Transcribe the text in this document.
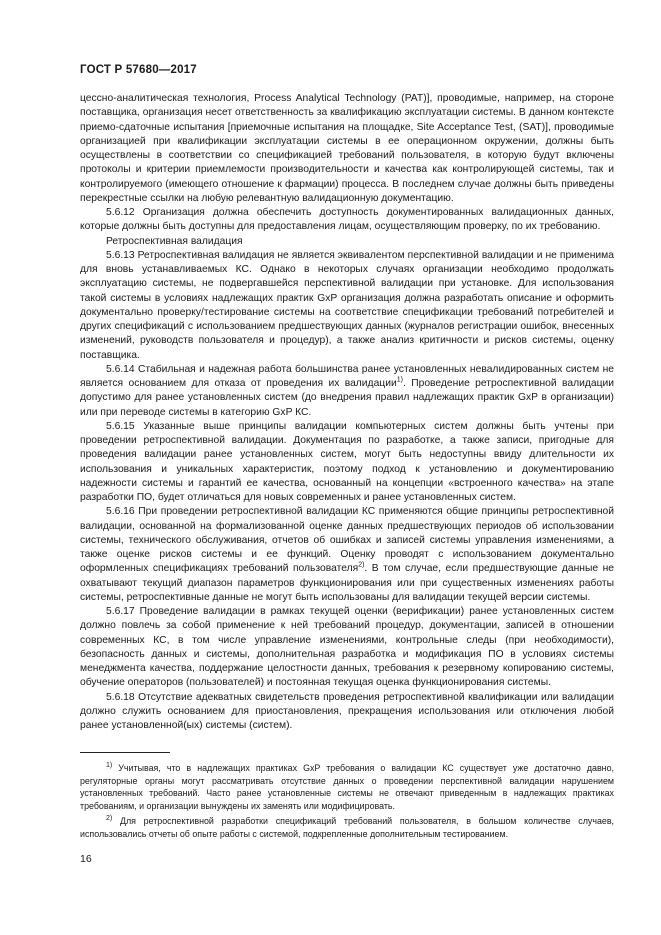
ГОСТ Р 57680—2017

цессно-аналитическая технология, Process Analytical Technology (PAT)], проводимые, например, на стороне поставщика, организация несет ответственность за квалификацию эксплуатации системы. В данном контексте приемо-сдаточные испытания [приемочные испытания на площадке, Site Acceptance Test, (SAT)], проводимые организацией при квалификации эксплуатации системы в ее операционном окружении, должны быть осуществлены в соответствии со спецификацией требований пользователя, в которую будут включены протоколы и критерии приемлемости производительности и качества как контролирующей системы, так и контролируемого (имеющего отношение к фармации) процесса. В последнем случае должны быть приведены перекрестные ссылки на любую релевантную валидационную документацию.

5.6.12 Организация должна обеспечить доступность документированных валидационных данных, которые должны быть доступны для предоставления лицам, осуществляющим проверку, по их требованию.

Ретроспективная валидация

5.6.13 Ретроспективная валидация не является эквивалентом перспективной валидации и не применима для вновь устанавливаемых КС. Однако в некоторых случаях организации необходимо продолжать эксплуатацию системы, не подвергавшейся перспективной валидации при установке. Для использования такой системы в условиях надлежащих практик GxP организация должна разработать описание и оформить документально проверку/тестирование системы на соответствие спецификации требований потребителей и других спецификаций с использованием предшествующих данных (журналов регистрации ошибок, внесенных изменений, руководств пользователя и процедур), а также анализ критичности и рисков системы, оценку поставщика.

5.6.14 Стабильная и надежная работа большинства ранее установленных невалидированных систем не является основанием для отказа от проведения их валидации$^{1)}$. Проведение ретроспективной валидации допустимо для ранее установленных систем (до внедрения правил надлежащих практик GxP в организации) или при переводе системы в категорию GxP КС.

5.6.15 Указанные выше принципы валидации компьютерных систем должны быть учтены при проведении ретроспективной валидации. Документация по разработке, а также записи, пригодные для проведения валидации ранее установленных систем, могут быть недоступны ввиду длительности их использования и уникальных характеристик, поэтому подход к установлению и документированию надежности системы и гарантий ее качества, основанный на концепции «встроенного качества» на этапе разработки ПО, будет отличаться для новых современных и ранее установленных систем.

5.6.16 При проведении ретроспективной валидации КС применяются общие принципы ретроспективной валидации, основанной на формализованной оценке данных предшествующих периодов об использовании системы, технического обслуживания, отчетов об ошибках и записей системы управления изменениями, а также оценке рисков системы и ее функций. Оценку проводят с использованием документально оформленных спецификациях требований пользователя$^{2)}$. В том случае, если предшествующие данные не охватывают текущий диапазон параметров функционирования или при существенных изменениях работы системы, ретроспективные данные не могут быть использованы для валидации текущей версии системы.

5.6.17 Проведение валидации в рамках текущей оценки (верификации) ранее установленных систем должно повлечь за собой применение к ней требований процедур, документации, записей в отношении современных КС, в том числе управление изменениями, контрольные следы (при необходимости), безопасность данных и системы, дополнительная разработка и модификация ПО в условиях системы менеджмента качества, поддержание целостности данных, требования к резервному копированию системы, обучение операторов (пользователей) и постоянная текущая оценка функционирования системы.

5.6.18 Отсутствие адекватных свидетельств проведения ретроспективной квалификации или валидации должно служить основанием для приостановления, прекращения использования или отключения любой ранее установленной(ых) системы (систем).

$^{1)}$ Учитывая, что в надлежащих практиках GxP требования о валидации КС существует уже достаточно давно, регуляторные органы могут рассматривать отсутствие данных о проведении перспективной валидации нарушением установленных требований. Часто ранее установленные системы не отвечают приведенным в надлежащих практиках требованиям, и организации вынуждены их заменять или модифицировать.

$^{2)}$ Для ретроспективной разработки спецификаций требований пользователя, в большом количестве случаев, использовались отчеты об опыте работы с системой, подкрепленные дополнительным тестированием.

16
